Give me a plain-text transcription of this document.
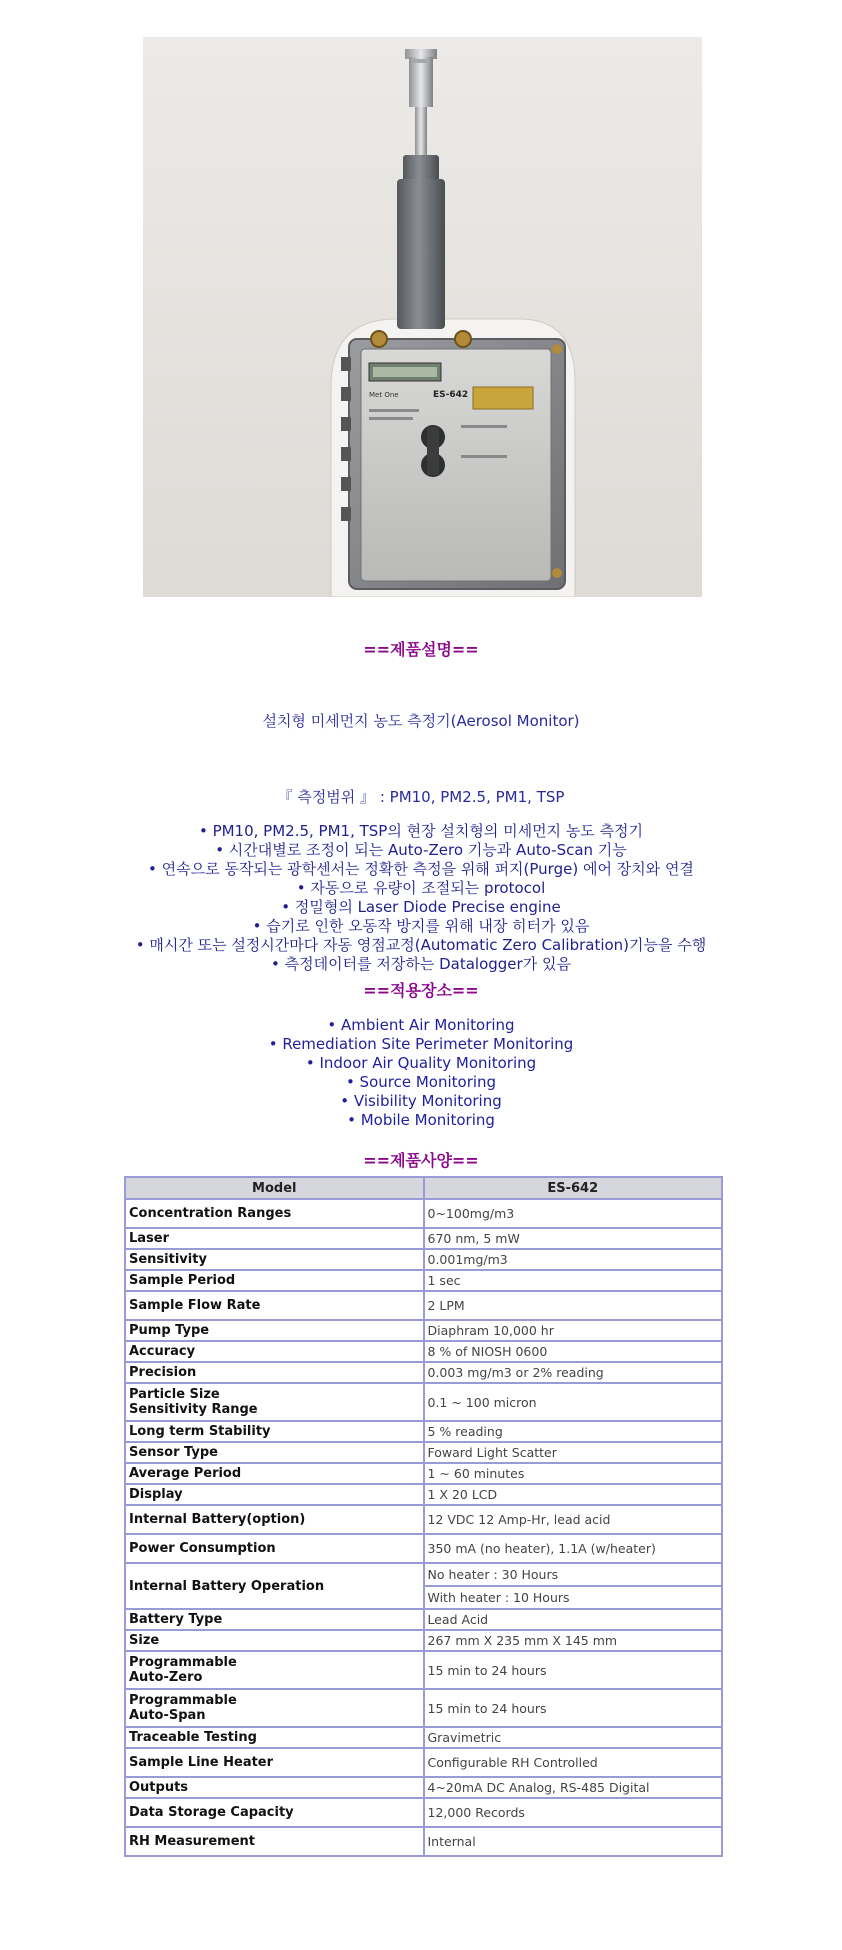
Met One	ES-642
==제품설명==
설치형 미세먼지 농도 측정기(Aerosol Monitor)
『 측정범위 』 : PM10, PM2.5, PM1, TSP
• PM10, PM2.5, PM1, TSP의 현장 설치형의 미세먼지 농도 측정기
• 시간대별로 조정이 되는 Auto-Zero 기능과 Auto-Scan 기능
• 연속으로 동작되는 광학센서는 정확한 측정을 위해 퍼지(Purge) 에어 장치와 연결
• 자동으로 유량이 조절되는 protocol
• 정밀형의 Laser Diode Precise engine
• 습기로 인한 오동작 방지를 위해 내장 히터가 있음
• 매시간 또는 설정시간마다 자동 영점교정(Automatic Zero Calibration)기능을 수행
• 측정데이터를 저장하는 Datalogger가 있음
==적용장소==
• Ambient Air Monitoring
• Remediation Site Perimeter Monitoring
• Indoor Air Quality Monitoring
• Source Monitoring
• Visibility Monitoring
• Mobile Monitoring
==제품사양==
Model	ES-642
Concentration Ranges	0~100mg/m3
Laser	670 nm, 5 mW
Sensitivity	0.001mg/m3
Sample Period	1 sec
Sample Flow Rate	2 LPM
Pump Type	Diaphram 10,000 hr
Accuracy	8 % of NIOSH 0600
Precision	0.003 mg/m3 or 2% reading
Particle Size
Sensitivity Range	0.1 ~ 100 micron
Long term Stability	5 % reading
Sensor Type	Foward Light Scatter
Average Period	1 ~ 60 minutes
Display	1 X 20 LCD
Internal Battery(option)	12 VDC 12 Amp-Hr, lead acid
Power Consumption	350 mA (no heater), 1.1A (w/heater)
Internal Battery Operation	No heater : 30 Hours
	With heater : 10 Hours
Battery Type	Lead Acid
Size	267 mm X 235 mm X 145 mm
Programmable
Auto-Zero	15 min to 24 hours
Programmable
Auto-Span	15 min to 24 hours
Traceable Testing	Gravimetric
Sample Line Heater	Configurable RH Controlled
Outputs	4~20mA DC Analog, RS-485 Digital
Data Storage Capacity	12,000 Records
RH Measurement	Internal
